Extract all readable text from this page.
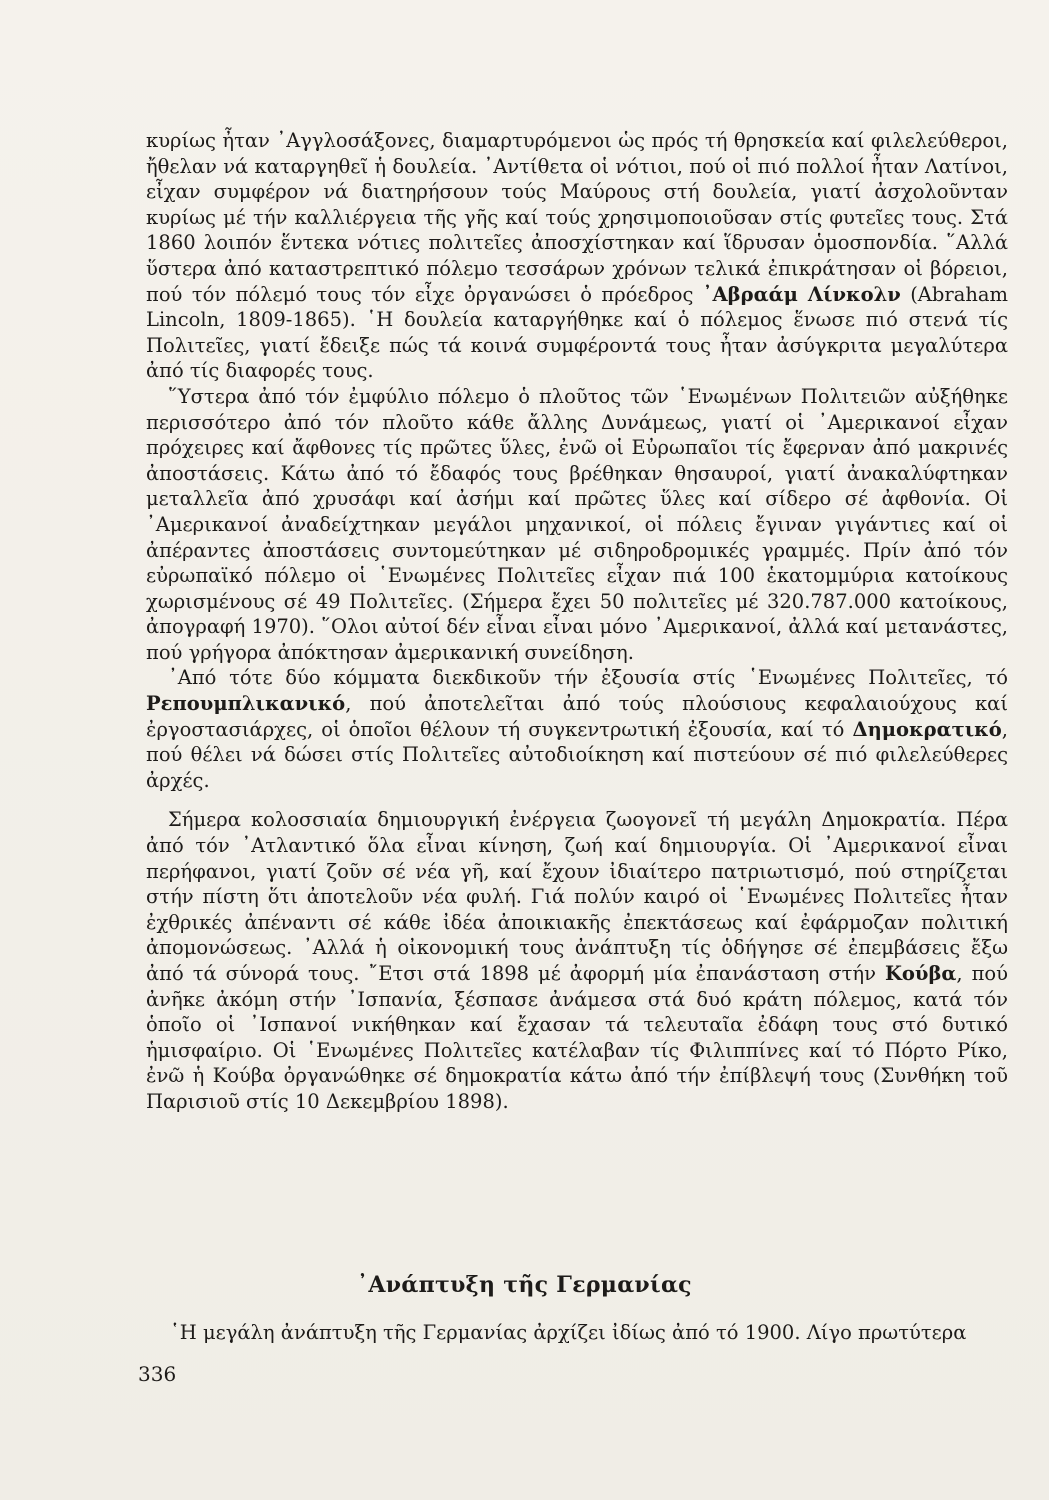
κυρίως ἦταν ᾿Αγγλοσάξονες, διαμαρτυρόμενοι ὡς πρός τή θρησκεία καί φιλελεύθεροι, ἤθελαν νά καταργηθεῖ ἡ δουλεία. ᾿Αντίθετα οἱ νότιοι, πού οἱ πιό πολλοί ἦταν Λατίνοι, εἶχαν συμφέρον νά διατηρήσουν τούς Μαύρους στή δουλεία, γιατί ἀσχολοῦνταν κυρίως μέ τήν καλλιέργεια τῆς γῆς καί τούς χρησιμοποιοῦσαν στίς φυτεῖες τους. Στά 1860 λοιπόν ἕντεκα νότιες πολιτεῖες ἀποσχίστηκαν καί ἵδρυσαν ὁμοσπονδία. ῞Αλλά ὕστερα ἀπό καταστρεπτικό πόλεμο τεσσάρων χρόνων τελικά ἐπικράτησαν οἱ βόρειοι, πού τόν πόλεμό τους τόν εἶχε ὀργανώσει ὁ πρόεδρος ᾿Αβραάμ Λίνκολν (Abraham Lincoln, 1809-1865). ῾Η δουλεία καταργήθηκε καί ὁ πόλεμος ἕνωσε πιό στενά τίς Πολιτεῖες, γιατί ἔδειξε πώς τά κοινά συμφέροντά τους ἦταν ἀσύγκριτα μεγαλύτερα ἀπό τίς διαφορές τους.

῞Υστερα ἀπό τόν ἐμφύλιο πόλεμο ὁ πλοῦτος τῶν ῾Ενωμένων Πολιτειῶν αὐξήθηκε περισσότερο ἀπό τόν πλοῦτο κάθε ἄλλης Δυνάμεως, γιατί οἱ ᾿Αμερικανοί εἶχαν πρόχειρες καί ἄφθονες τίς πρῶτες ὕλες, ἐνῶ οἱ Εὐρωπαῖοι τίς ἔφερναν ἀπό μακρινές ἀποστάσεις. Κάτω ἀπό τό ἔδαφός τους βρέθηκαν θησαυροί, γιατί ἀνακαλύφτηκαν μεταλλεῖα ἀπό χρυσάφι καί ἀσήμι καί πρῶτες ὕλες καί σίδερο σέ ἀφθονία. Οἱ ᾿Αμερικανοί ἀναδείχτηκαν μεγάλοι μηχανικοί, οἱ πόλεις ἔγιναν γιγάντιες καί οἱ ἀπέραντες ἀποστάσεις συντομεύτηκαν μέ σιδηροδρομικές γραμμές. Πρίν ἀπό τόν εὐρωπαϊκό πόλεμο οἱ ῾Ενωμένες Πολιτεῖες εἶχαν πιά 100 ἑκατομμύρια κατοίκους χωρισμένους σέ 49 Πολιτεῖες. (Σήμερα ἔχει 50 πολιτεῖες μέ 320.787.000 κατοίκους, ἀπογραφή 1970). ῞Ολοι αὐτοί δέν εἶναι εἶναι μόνο ᾿Αμερικανοί, ἀλλά καί μετανάστες, πού γρήγορα ἀπόκτησαν ἀμερικανική συνείδηση.

᾿Από τότε δύο κόμματα διεκδικοῦν τήν ἐξουσία στίς ῾Ενωμένες Πολιτεῖες, τό Ρεπουμπλικανικό, πού ἀποτελεῖται ἀπό τούς πλούσιους κεφαλαιούχους καί ἐργοστασιάρχες, οἱ ὁποῖοι θέλουν τή συγκεντρωτική ἐξουσία, καί τό Δημοκρατικό, πού θέλει νά δώσει στίς Πολιτεῖες αὐτοδιοίκηση καί πιστεύουν σέ πιό φιλελεύθερες ἀρχές.

Σήμερα κολοσσιαία δημιουργική ἐνέργεια ζωογονεῖ τή μεγάλη Δημοκρατία. Πέρα ἀπό τόν ᾿Ατλαντικό ὅλα εἶναι κίνηση, ζωή καί δημιουργία. Οἱ ᾿Αμερικανοί εἶναι περήφανοι, γιατί ζοῦν σέ νέα γῆ, καί ἔχουν ἰδιαίτερο πατριωτισμό, πού στηρίζεται στήν πίστη ὅτι ἀποτελοῦν νέα φυλή. Γιά πολύν καιρό οἱ ῾Ενωμένες Πολιτεῖες ἦταν ἐχθρικές ἀπέναντι σέ κάθε ἰδέα ἀποικιακῆς ἐπεκτάσεως καί ἐφάρμοζαν πολιτική ἀπομονώσεως. ᾿Αλλά ἡ οἰκονομική τους ἀνάπτυξη τίς ὁδήγησε σέ ἐπεμβάσεις ἔξω ἀπό τά σύνορά τους. ῎Ετσι στά 1898 μέ ἀφορμή μία ἐπανάσταση στήν Κούβα, πού ἀνῆκε ἀκόμη στήν ᾿Ισπανία, ξέσπασε ἀνάμεσα στά δυό κράτη πόλεμος, κατά τόν ὁποῖο οἱ ᾿Ισπανοί νικήθηκαν καί ἔχασαν τά τελευταῖα ἐδάφη τους στό δυτικό ἡμισφαίριο. Οἱ ῾Ενωμένες Πολιτεῖες κατέλαβαν τίς Φιλιππίνες καί τό Πόρτο Ρίκο, ἐνῶ ἡ Κούβα ὀργανώθηκε σέ δημοκρατία κάτω ἀπό τήν ἐπίβλεψή τους (Συνθήκη τοῦ Παρισιοῦ στίς 10 Δεκεμβρίου 1898).

᾿Ανάπτυξη τῆς Γερμανίας
῾Η μεγάλη ἀνάπτυξη τῆς Γερμανίας ἀρχίζει ἰδίως ἀπό τό 1900. Λίγο πρωτύτερα
336
